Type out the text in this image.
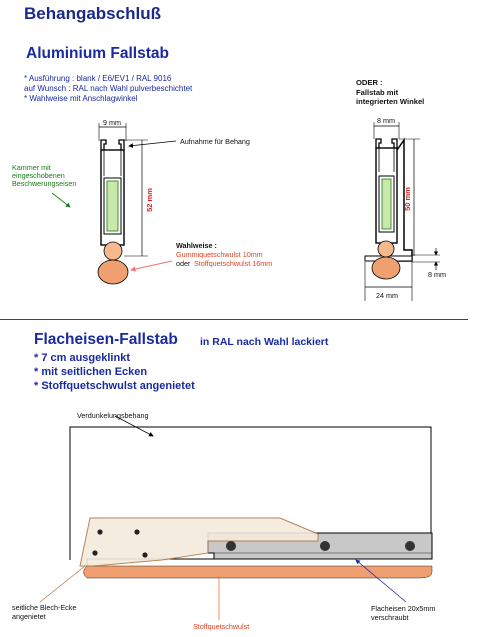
Behangabschluß
Aluminium Fallstab
* Ausführung : blank / E6/EV1 / RAL 9016
auf Wunsch : RAL nach Wahl pulverbeschichtet
* Wahlweise mit Anschlagwinkel
9 mm
Aufnahme für Behang
Kammer mit
eingeschobenen
Beschwerungseisen
Wahlweise :
Gummiquetschwulst 10mm
oder Stoffquetschwulst 16mm
ODER :
Fallstab mit
integrierten Winkel
8 mm
8 mm
24 mm
Flacheisen-Fallstab in RAL nach Wahl lackiert
* 7 cm ausgeklinkt
* mit seitlichen Ecken
* Stoffquetschwulst angenietet
Verdunkelungsbehang
seitliche Blech-Ecke
angenietet
Stoffquetschwulst
Flacheisen 20x5mm
verschraubt
52 mm	50 mm
